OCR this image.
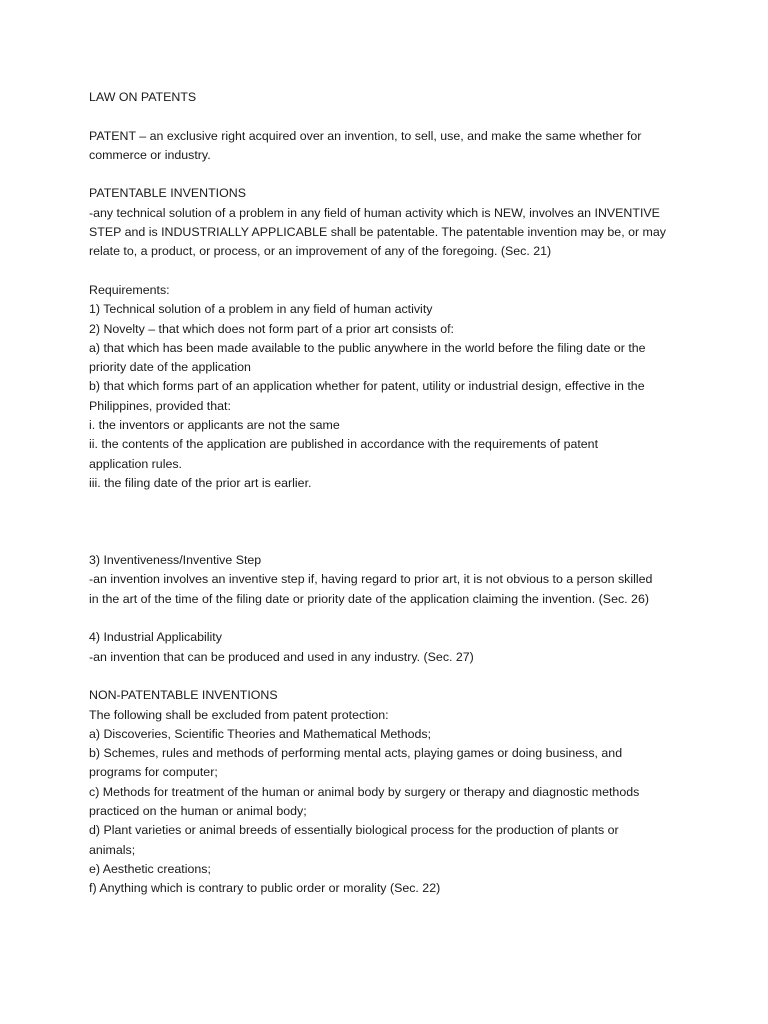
LAW ON PATENTS
PATENT – an exclusive right acquired over an invention, to sell, use, and make the same whether for
commerce or industry.
PATENTABLE INVENTIONS
-any technical solution of a problem in any field of human activity which is NEW, involves an INVENTIVE
STEP and is INDUSTRIALLY APPLICABLE shall be patentable. The patentable invention may be, or may
relate to, a product, or process, or an improvement of any of the foregoing. (Sec. 21)
Requirements:
1) Technical solution of a problem in any field of human activity
2) Novelty – that which does not form part of a prior art consists of:
a) that which has been made available to the public anywhere in the world before the filing date or the
priority date of the application
b) that which forms part of an application whether for patent, utility or industrial design, effective in the
Philippines, provided that:
i. the inventors or applicants are not the same
ii. the contents of the application are published in accordance with the requirements of patent
application rules.
iii. the filing date of the prior art is earlier.
3) Inventiveness/Inventive Step
-an invention involves an inventive step if, having regard to prior art, it is not obvious to a person skilled
in the art of the time of the filing date or priority date of the application claiming the invention. (Sec. 26)
4) Industrial Applicability
-an invention that can be produced and used in any industry. (Sec. 27)
NON-PATENTABLE INVENTIONS
The following shall be excluded from patent protection:
a) Discoveries, Scientific Theories and Mathematical Methods;
b) Schemes, rules and methods of performing mental acts, playing games or doing business, and
programs for computer;
c) Methods for treatment of the human or animal body by surgery or therapy and diagnostic methods
practiced on the human or animal body;
d) Plant varieties or animal breeds of essentially biological process for the production of plants or
animals;
e) Aesthetic creations;
f) Anything which is contrary to public order or morality (Sec. 22)
